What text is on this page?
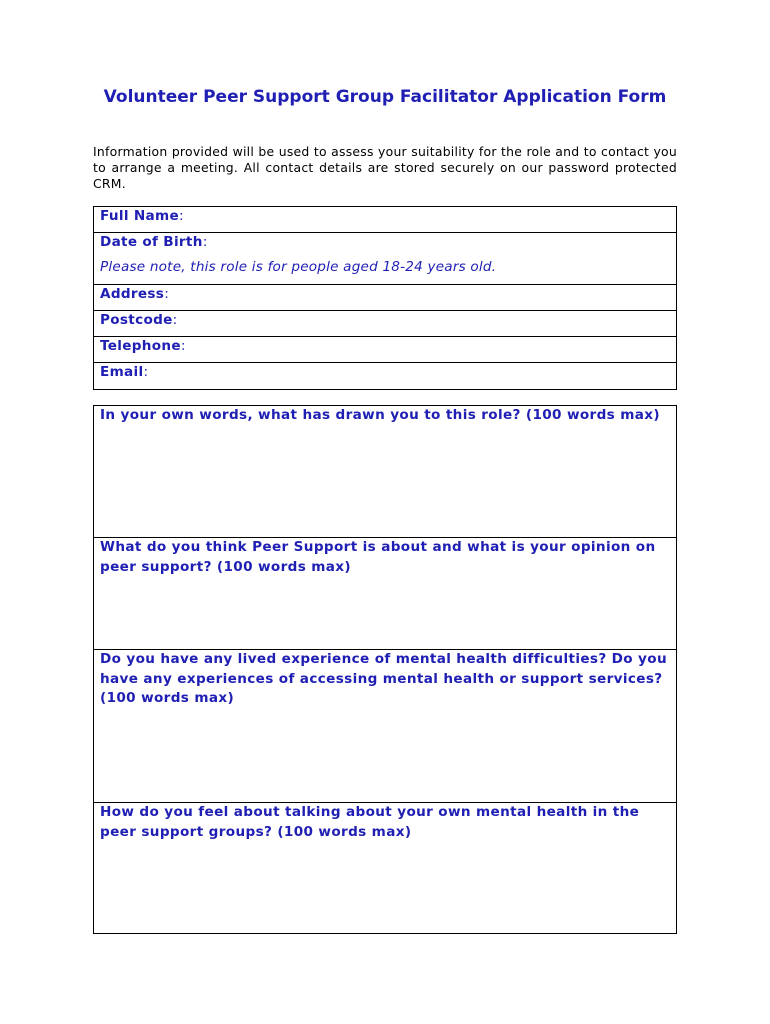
Volunteer Peer Support Group Facilitator Application Form

Information provided will be used to assess your suitability for the role and to contact you to arrange a meeting. All contact details are stored securely on our password protected CRM.

Full Name:
Date of Birth:
Please note, this role is for people aged 18-24 years old.

Address:
Postcode:
Telephone:
Email:
In your own words, what has drawn you to this role? (100 words max)

What do you think Peer Support is about and what is your opinion on peer support? (100 words max)

Do you have any lived experience of mental health difficulties? Do you have any experiences of accessing mental health or support services? (100 words max)

How do you feel about talking about your own mental health in the peer support groups? (100 words max)
